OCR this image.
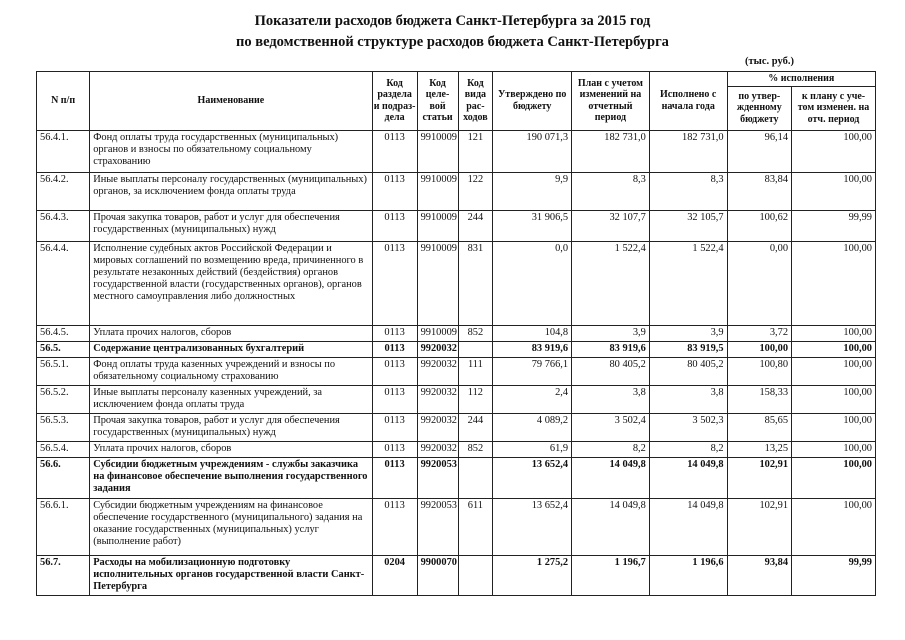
Показатели расходов бюджета Санкт-Петербурга за 2015 год
по ведомственной структуре расходов бюджета Санкт-Петербурга
(тыс. руб.)
N п/п	Наименование	Код раздела и подраз- дела	Код целе- вой статьи	Код вида рас- ходов	Утверждено по бюджету	План с учетом изменений на отчетный период	Исполнено с начала года	% исполнения	
								по утвер- жденному бюджету	к плану с уче- том изменен. на отч. период
56.4.1.	Фонд оплаты труда государственных (муниципальных) органов и взносы по обязательному социальному страхованию	0113	9910009	121	190 071,3	182 731,0	182 731,0	96,14	100,00
56.4.2.	Иные выплаты персоналу государственных (муниципальных) органов, за исключением фонда оплаты труда	0113	9910009	122	9,9	8,3	8,3	83,84	100,00
56.4.3.	Прочая закупка товаров, работ и услуг для обеспечения государственных (муниципальных) нужд	0113	9910009	244	31 906,5	32 107,7	32 105,7	100,62	99,99
56.4.4.	Исполнение судебных актов Российской Федерации и мировых соглашений по возмещению вреда, причиненного в результате незаконных действий (бездействия) органов государственной власти (государственных органов), органов местного самоуправления либо должностных	0113	9910009	831	0,0	1 522,4	1 522,4	0,00	100,00
56.4.5.	Уплата прочих налогов, сборов	0113	9910009	852	104,8	3,9	3,9	3,72	100,00
56.5.	Содержание централизованных бухгалтерий	0113	9920032		83 919,6	83 919,6	83 919,5	100,00	100,00
56.5.1.	Фонд оплаты труда казенных учреждений и взносы по обязательному социальному страхованию	0113	9920032	111	79 766,1	80 405,2	80 405,2	100,80	100,00
56.5.2.	Иные выплаты персоналу казенных учреждений, за исключением фонда оплаты труда	0113	9920032	112	2,4	3,8	3,8	158,33	100,00
56.5.3.	Прочая закупка товаров, работ и услуг для обеспечения государственных (муниципальных) нужд	0113	9920032	244	4 089,2	3 502,4	3 502,3	85,65	100,00
56.5.4.	Уплата прочих налогов, сборов	0113	9920032	852	61,9	8,2	8,2	13,25	100,00
56.6.	Субсидии бюджетным учреждениям - службы заказчика на финансовое обеспечение выполнения государственного задания	0113	9920053		13 652,4	14 049,8	14 049,8	102,91	100,00
56.6.1.	Субсидии бюджетным учреждениям на финансовое обеспечение государственного (муниципального) задания на оказание государственных (муниципальных) услуг (выполнение работ)	0113	9920053	611	13 652,4	14 049,8	14 049,8	102,91	100,00
56.7.	Расходы на мобилизационную подготовку исполнительных органов государственной власти Санкт-Петербурга	0204	9900070		1 275,2	1 196,7	1 196,6	93,84	99,99
